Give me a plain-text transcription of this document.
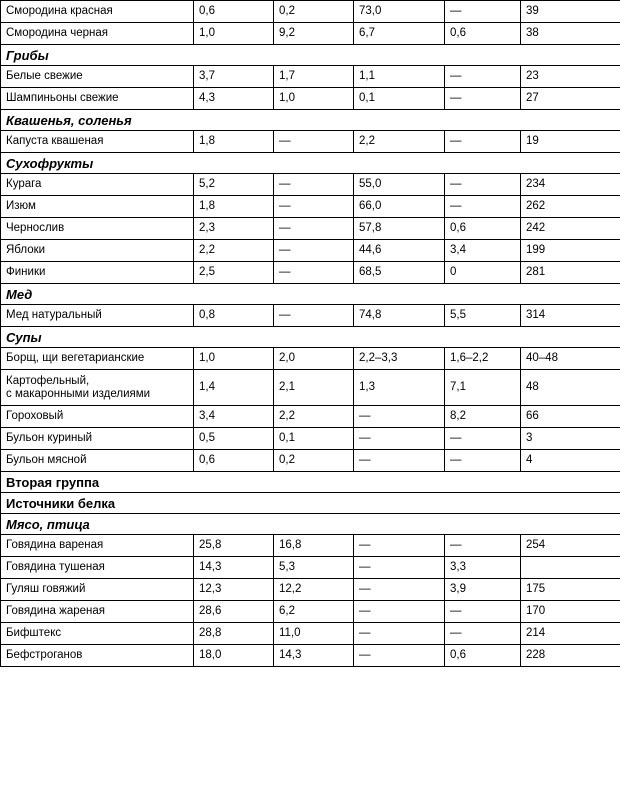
Смородина красная	0,6	0,2	73,0	—	39
Смородина черная	1,0	9,2	6,7	0,6	38
Грибы					
Белые свежие	3,7	1,7	1,1	—	23
Шампиньоны свежие	4,3	1,0	0,1	—	27
Квашенья, соленья					
Капуста квашеная	1,8	—	2,2	—	19
Сухофрукты					
Курага	5,2	—	55,0	—	234
Изюм	1,8	—	66,0	—	262
Чернослив	2,3	—	57,8	0,6	242
Яблоки	2,2	—	44,6	3,4	199
Финики	2,5	—	68,5	0	281
Мед					
Мед натуральный	0,8	—	74,8	5,5	314
Супы					
Борщ, щи вегетарианские	1,0	2,0	2,2–3,3	1,6–2,2	40–48
Картофельный,
с макаронными изделиями	1,4	2,1	1,3	7,1	48
Гороховый	3,4	2,2	—	8,2	66
Бульон куриный	0,5	0,1	—	—	3
Бульон мясной	0,6	0,2	—	—	4
Вторая группа					
Источники белка					
Мясо, птица					
Говядина вареная	25,8	16,8	—	—	254
Говядина тушеная	14,3	5,3	—	3,3	
Гуляш говяжий	12,3	12,2	—	3,9	175
Говядина жареная	28,6	6,2	—	—	170
Бифштекс	28,8	11,0	—	—	214
Бефстроганов	18,0	14,3	—	0,6	228
